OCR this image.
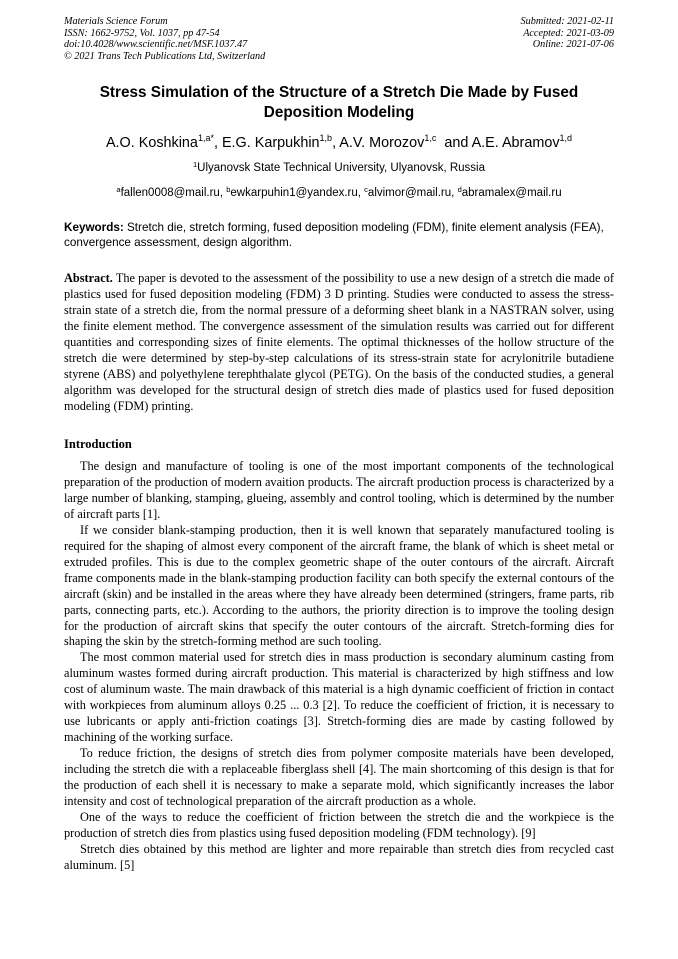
Materials Science Forum
ISSN: 1662-9752, Vol. 1037, pp 47-54
doi:10.4028/www.scientific.net/MSF.1037.47
© 2021 Trans Tech Publications Ltd, Switzerland
Submitted: 2021-02-11
Accepted: 2021-03-09
Online: 2021-07-06
Stress Simulation of the Structure of a Stretch Die Made by Fused Deposition Modeling
A.O. Koshkina$^{1,a*}$, E.G. Karpukhin$^{1,b}$, A.V. Morozov$^{1,c}$  and A.E. Abramov$^{1,d}$
$^1$Ulyanovsk State Technical University, Ulyanovsk, Russia
$^a$fallen0008@mail.ru, $^b$ewkarpuhin1@yandex.ru, $^c$alvimor@mail.ru, $^d$abramalex@mail.ru
Keywords: Stretch die, stretch forming, fused deposition modeling (FDM), finite element analysis (FEA), convergence assessment, design algorithm.
Abstract. The paper is devoted to the assessment of the possibility to use a new design of a stretch die made of plastics used for fused deposition modeling (FDM) 3 D printing. Studies were conducted to assess the stress-strain state of a stretch die, from the normal pressure of a deforming sheet blank in a NASTRAN solver, using the finite element method. The convergence assessment of the simulation results was carried out for different quantities and corresponding sizes of finite elements. The optimal thicknesses of the hollow structure of the stretch die were determined by step-by-step calculations of its stress-strain state for acrylonitrile butadiene styrene (ABS) and polyethylene terephthalate glycol (PETG). On the basis of the conducted studies, a general algorithm was developed for the structural design of stretch dies made of plastics used for fused deposition modeling (FDM) printing.
Introduction

The design and manufacture of tooling is one of the most important components of the technological preparation of the production of modern avaition products. The aircraft production process is characterized by a large number of blanking, stamping, glueing, assembly and control tooling, which is determined by the number of aircraft parts [1].

If we consider blank-stamping production, then it is well known that separately manufactured tooling is required for the shaping of almost every component of the aircraft frame, the blank of which is sheet metal or extruded profiles. This is due to the complex geometric shape of the outer contours of the aircraft. Aircraft frame components made in the blank-stamping production facility can both specify the external contours of the aircraft (skin) and be installed in the areas where they have already been determined (stringers, frame parts, rib parts, connecting parts, etc.). According to the authors, the priority direction is to improve the tooling design for the production of aircraft skins that specify the outer contours of the aircraft. Stretch-forming dies for shaping the skin by the stretch-forming method are such tooling.

The most common material used for stretch dies in mass production is secondary aluminum casting from aluminum wastes formed during aircraft production. This material is characterized by high stiffness and low cost of aluminum waste. The main drawback of this material is a high dynamic coefficient of friction in contact with workpieces from aluminum alloys 0.25 ... 0.3 [2]. To reduce the coefficient of friction, it is necessary to use lubricants or apply anti-friction coatings [3]. Stretch-forming dies are made by casting followed by machining of the working surface.

To reduce friction, the designs of stretch dies from polymer composite materials have been developed, including the stretch die with a replaceable fiberglass shell [4]. The main shortcoming of this design is that for the production of each shell it is necessary to make a separate mold, which significantly increases the labor intensity and cost of technological preparation of the aircraft production as a whole.

One of the ways to reduce the coefficient of friction between the stretch die and the workpiece is the production of stretch dies from plastics using fused deposition modeling (FDM technology). [9]

Stretch dies obtained by this method are lighter and more repairable than stretch dies from recycled cast aluminum. [5]
